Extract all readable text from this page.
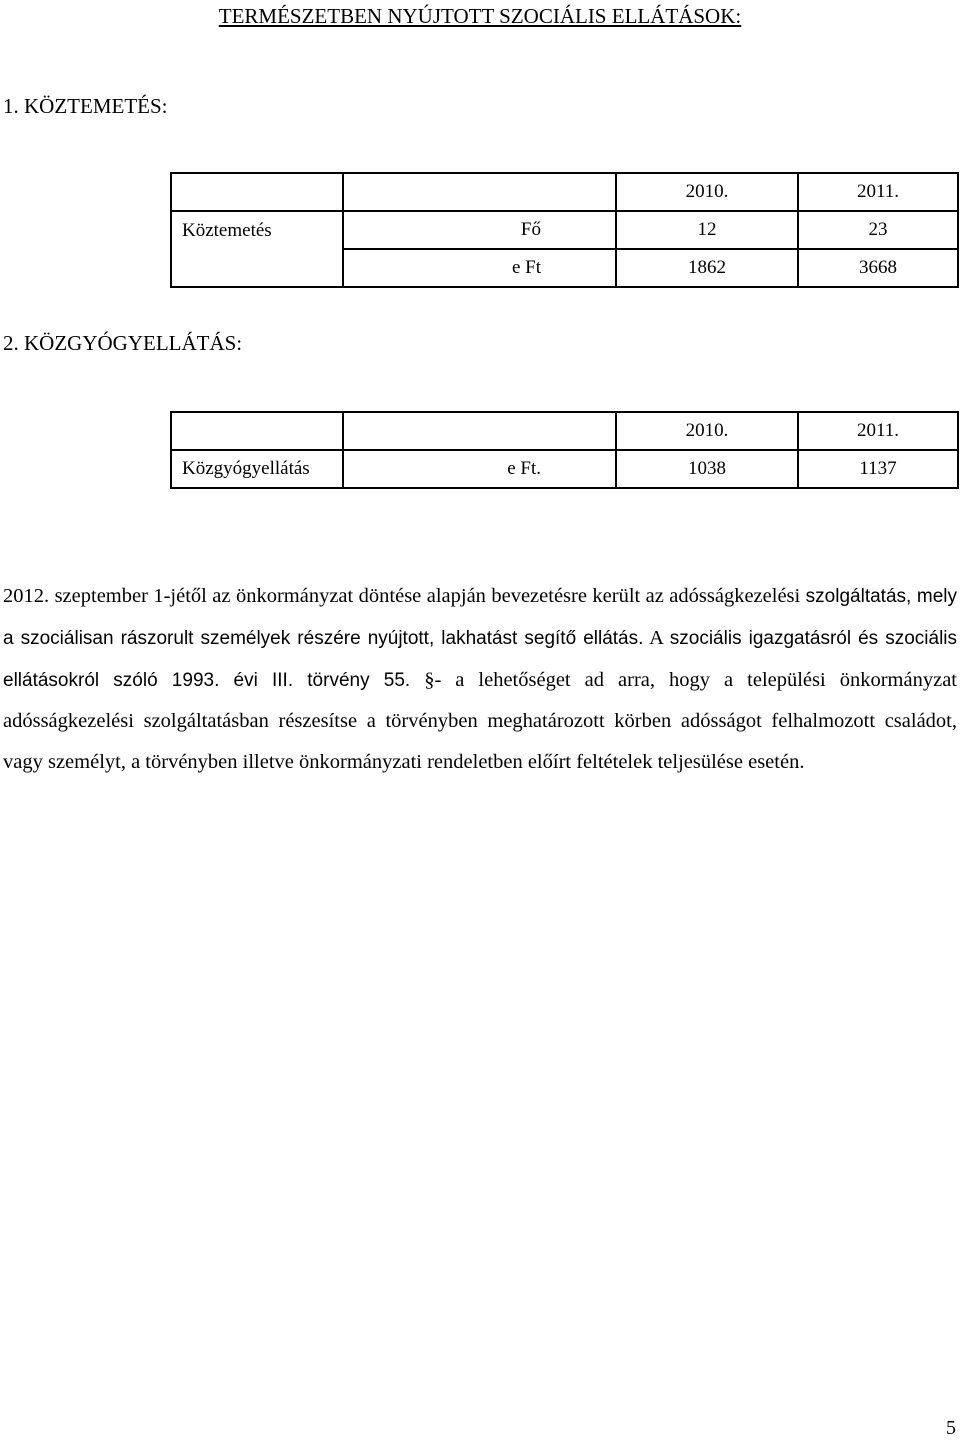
TERMÉSZETBEN NYÚJTOTT SZOCIÁLIS ELLÁTÁSOK:
1. KÖZTEMETÉS:
		2010.	2011.
Köztemetés	Fő	12	23
	e Ft	1862	3668
2. KÖZGYÓGYELLÁTÁS:
		2010.	2011.
Közgyógyellátás	e Ft.	1038	1137

2012. szeptember 1-jétől az önkormányzat döntése alapján bevezetésre került az adósságkezelési szolgáltatás, mely a szociálisan rászorult személyek részére nyújtott, lakhatást segítő ellátás. A szociális igazgatásról és szociális ellátásokról szóló 1993. évi III. törvény 55. §- a lehetőséget ad arra, hogy a települési önkormányzat adósságkezelési szolgáltatásban részesítse a törvényben meghatározott körben adósságot felhalmozott családot, vagy személyt, a törvényben illetve önkormányzati rendeletben előírt feltételek teljesülése esetén.

5
